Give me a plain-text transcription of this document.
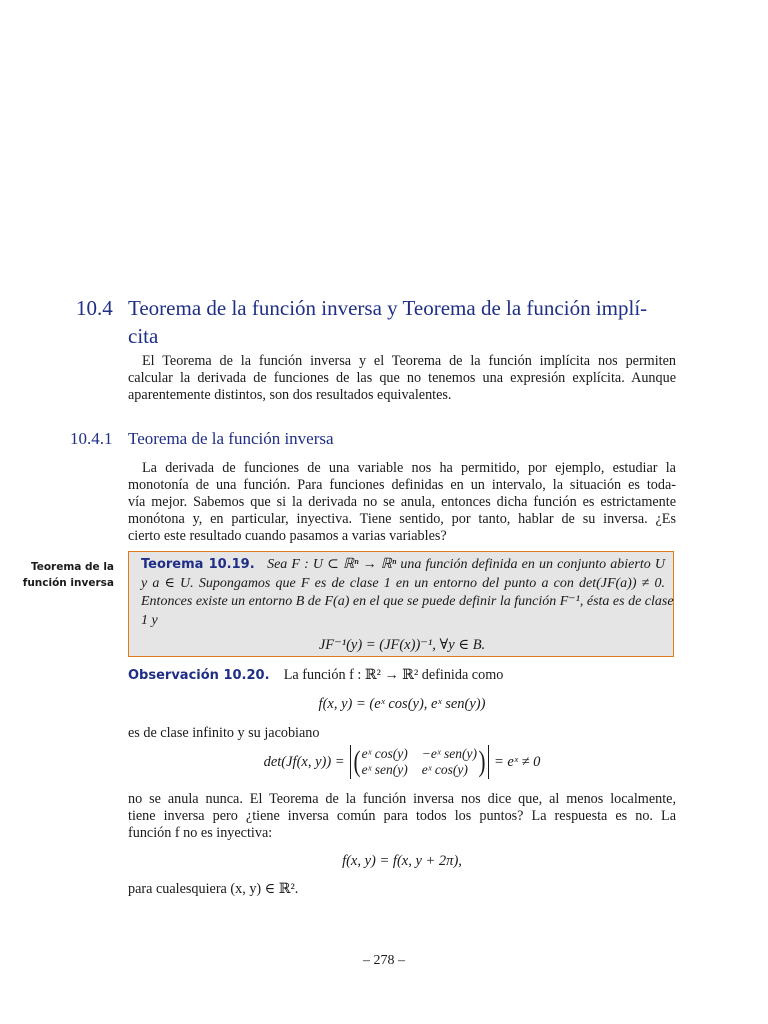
10.4 Teorema de la función inversa y Teorema de la función implí-
cita
El Teorema de la función inversa y el Teorema de la función implícita nos permiten
calcular la derivada de funciones de las que no tenemos una expresión explícita. Aunque
aparentemente distintos, son dos resultados equivalentes.
10.4.1 Teorema de la función inversa
La derivada de funciones de una variable nos ha permitido, por ejemplo, estudiar la
monotonía de una función. Para funciones definidas en un intervalo, la situación es toda-
vía mejor. Sabemos que si la derivada no se anula, entonces dicha función es estrictamente
monótona y, en particular, inyectiva. Tiene sentido, por tanto, hablar de su inversa. ¿Es
cierto este resultado cuando pasamos a varias variables?
Teorema de la
función inversa
Teorema 10.19. Sea F : U ⊂ ℝⁿ → ℝⁿ una función definida en un conjunto abierto U
y a ∈ U. Supongamos que F es de clase 1 en un entorno del punto a con det(JF(a)) ≠ 0.
Entonces existe un entorno B de F(a) en el que se puede definir la función F⁻¹, ésta es de clase
1 y
JF⁻¹(y) = (JF(x))⁻¹, ∀y ∈ B.
Observación 10.20. La función f : ℝ² → ℝ² definida como
f(x, y) = (eˣ cos(y), eˣ sen(y))
es de clase infinito y su jacobiano
det(Jf(x, y)) = ( eˣ cos(y) −eˣ sen(y)
eˣ sen(y) eˣ cos(y) ) = eˣ ≠ 0
no se anula nunca. El Teorema de la función inversa nos dice que, al menos localmente,
tiene inversa pero ¿tiene inversa común para todos los puntos? La respuesta es no. La
función f no es inyectiva:
f(x, y) = f(x, y + 2π),
para cualesquiera (x, y) ∈ ℝ².
– 278 –
